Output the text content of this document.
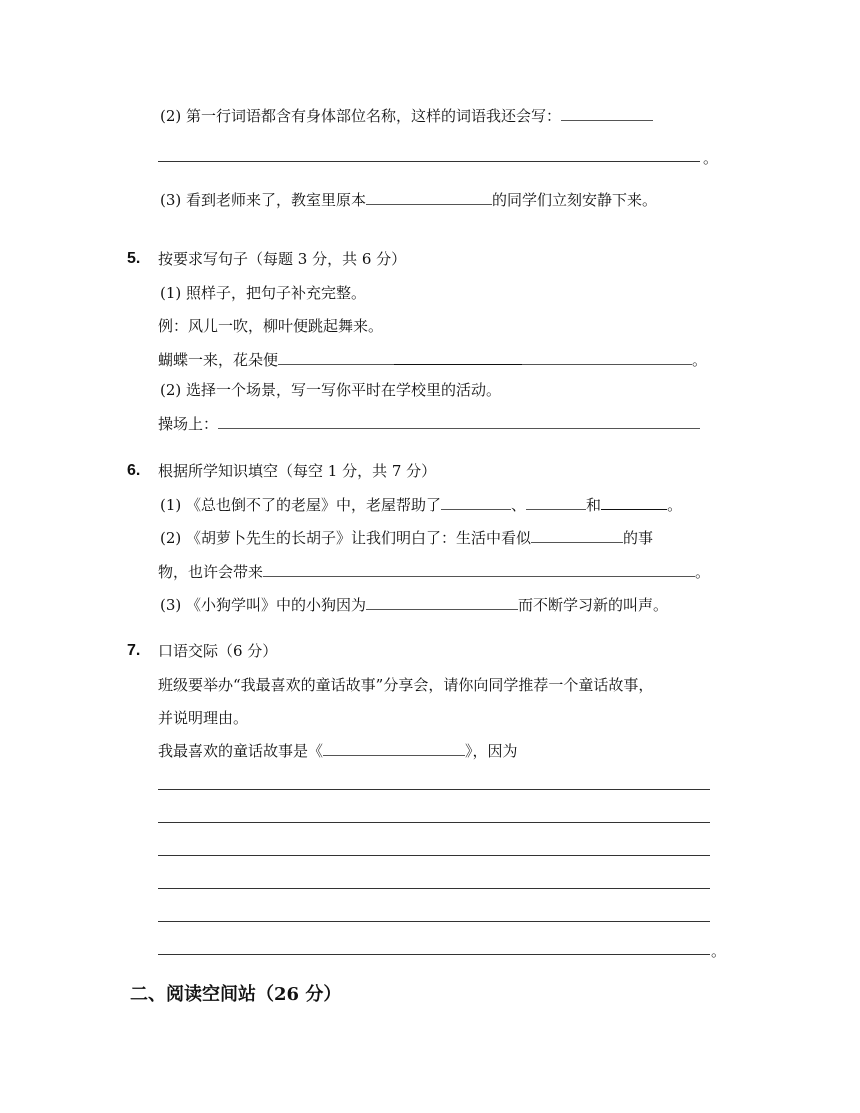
(2) 第一行词语都含有身体部位名称，这样的词语我还会写：
。
(3) 看到老师来了，教室里原本	的同学们立刻安静下来。
5. 按要求写句子（每题 3 分，共 6 分）
(1) 照样子，把句子补充完整。
例：风儿一吹，柳叶便跳起舞来。
蝴蝶一来，花朵便	。
(2) 选择一个场景，写一写你平时在学校里的活动。
操场上：
6. 根据所学知识填空（每空 1 分，共 7 分）
(1) 《总也倒不了的老屋》中，老屋帮助了	、	和	。
(2) 《胡萝卜先生的长胡子》让我们明白了：生活中看似	的事
物，也许会带来	。
(3) 《小狗学叫》中的小狗因为	而不断学习新的叫声。
7. 口语交际（6 分）
班级要举办“我最喜欢的童话故事”分享会，请你向同学推荐一个童话故事，
并说明理由。
我最喜欢的童话故事是《	》，因为
。
二、阅读空间站（26 分）
